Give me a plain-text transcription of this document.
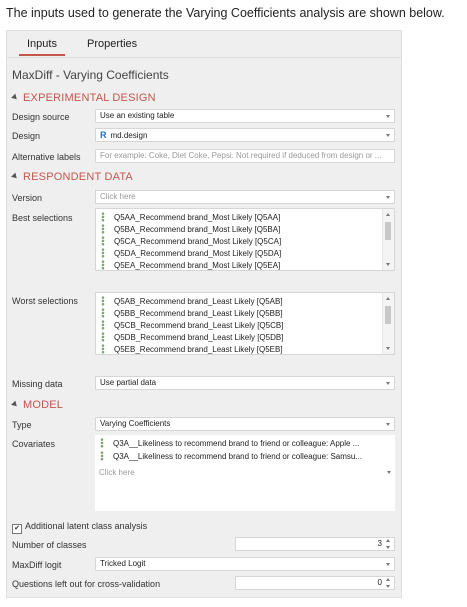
The inputs used to generate the Varying Coefficients analysis are shown below.
Inputs	Properties
MaxDiff - Varying Coefficients
EXPERIMENTAL DESIGN
Design source	Use an existing table
Design	R md.design
Alternative labels	For example: Coke, Diet Coke, Pepsi. Not required if deduced from design or ...
RESPONDENT DATA
Version	Click here
Best selections	Q5AA_Recommend brand_Most Likely [Q5AA]
Q5BA_Recommend brand_Most Likely [Q5BA]
Q5CA_Recommend brand_Most Likely [Q5CA]
Q5DA_Recommend brand_Most Likely [Q5DA]
Q5EA_Recommend brand_Most Likely [Q5EA]
Worst selections	Q5AB_Recommend brand_Least Likely [Q5AB]
Q5BB_Recommend brand_Least Likely [Q5BB]
Q5CB_Recommend brand_Least Likely [Q5CB]
Q5DB_Recommend brand_Least Likely [Q5DB]
Q5EB_Recommend brand_Least Likely [Q5EB]
Missing data	Use partial data
MODEL
Type	Varying Coefficients
Covariates	Q3A__Likeliness to recommend brand to friend or colleague: Apple ...
Q3A__Likeliness to recommend brand to friend or colleague: Samsu...
Click here
✔ Additional latent class analysis
Number of classes	3
MaxDiff logit	Tricked Logit
Questions left out for cross-validation	0
